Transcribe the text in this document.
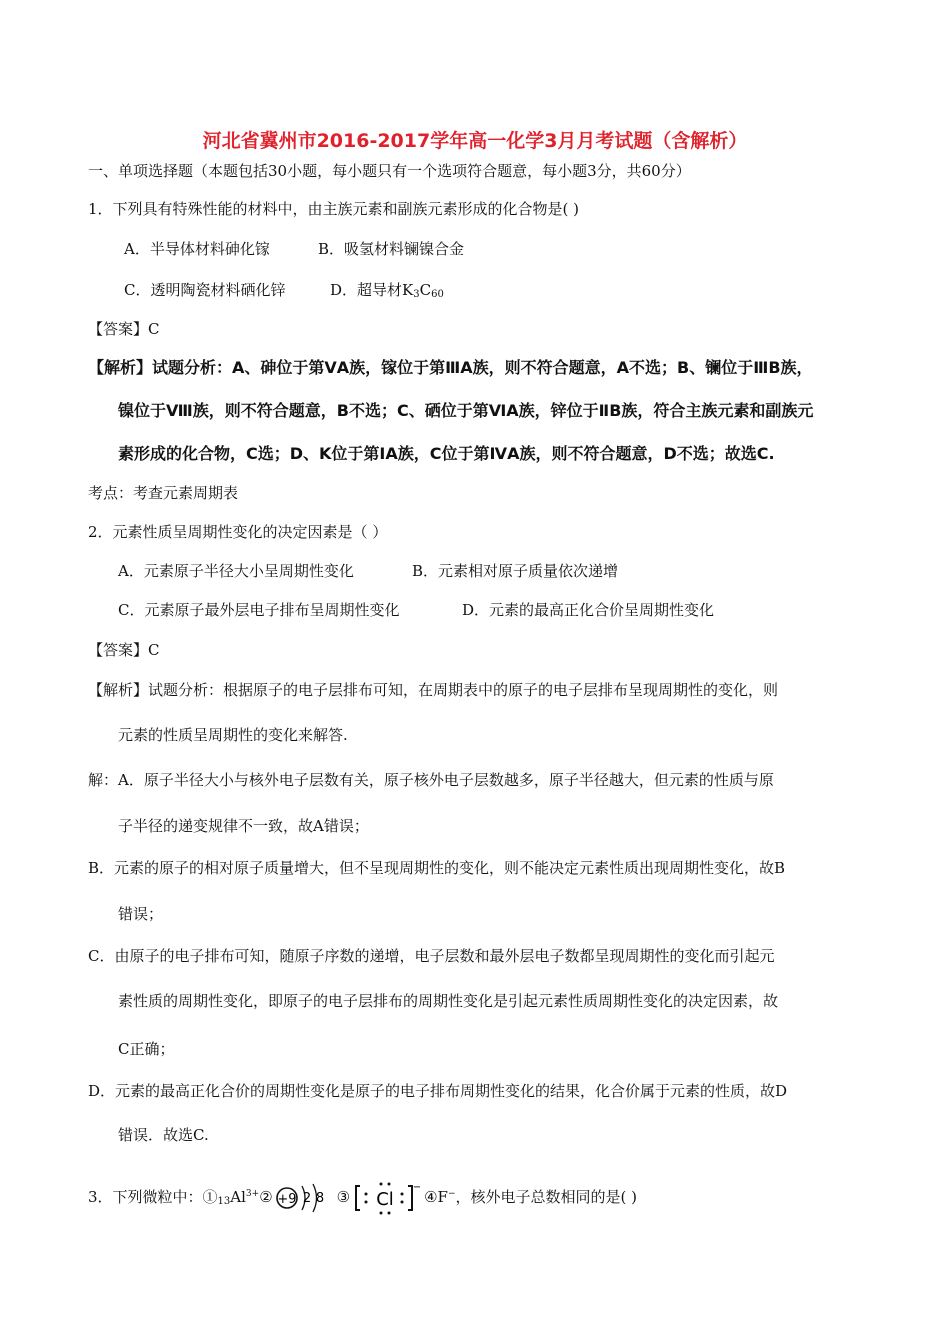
河北省冀州市2016-2017学年高一化学3月月考试题（含解析）
一、单项选择题（本题包括30小题，每小题只有一个选项符合题意，每小题3分，共60分）
1．下列具有特殊性能的材料中，由主族元素和副族元素形成的化合物是( )
A．半导体材料砷化镓	B．吸氢材料镧镍合金
C．透明陶瓷材料硒化锌	D．超导材$K_3C_{60}$
【答案】C
【解析】试题分析：A、砷位于第ⅤA族，镓位于第ⅢA族，则不符合题意，A不选；B、镧位于ⅢB族，
镍位于Ⅷ族，则不符合题意，B不选；C、硒位于第ⅥA族，锌位于ⅡB族，符合主族元素和副族元
素形成的化合物，C选；D、K位于第ⅠA族，C位于第ⅣA族，则不符合题意，D不选；故选C.
考点：考查元素周期表
2．元素性质呈周期性变化的决定因素是（ ）
A．元素原子半径大小呈周期性变化	B．元素相对原子质量依次递增
C．元素原子最外层电子排布呈周期性变化	D．元素的最高正化合价呈周期性变化
【答案】C
【解析】试题分析：根据原子的电子层排布可知，在周期表中的原子的电子层排布呈现周期性的变化，则
元素的性质呈周期性的变化来解答.
解：A．原子半径大小与核外电子层数有关，原子核外电子层数越多，原子半径越大，但元素的性质与原
子半径的递变规律不一致，故A错误；
B．元素的原子的相对原子质量增大，但不呈现周期性的变化，则不能决定元素性质出现周期性变化，故B
错误；
C．由原子的电子排布可知，随原子序数的递增，电子层数和最外层电子数都呈现周期性的变化而引起元
素性质的周期性变化，即原子的电子层排布的周期性变化是引起元素性质周期性变化的决定因素，故
C正确；
D．元素的最高正化合价的周期性变化是原子的电子排布周期性变化的结果，化合价属于元素的性质，故D
错误．故选C.
3．下列微粒中：$①_{13}Al^{3+}② +9$ 2 8 ③ Cl
−
④F−，核外电子总数相同的是( )
